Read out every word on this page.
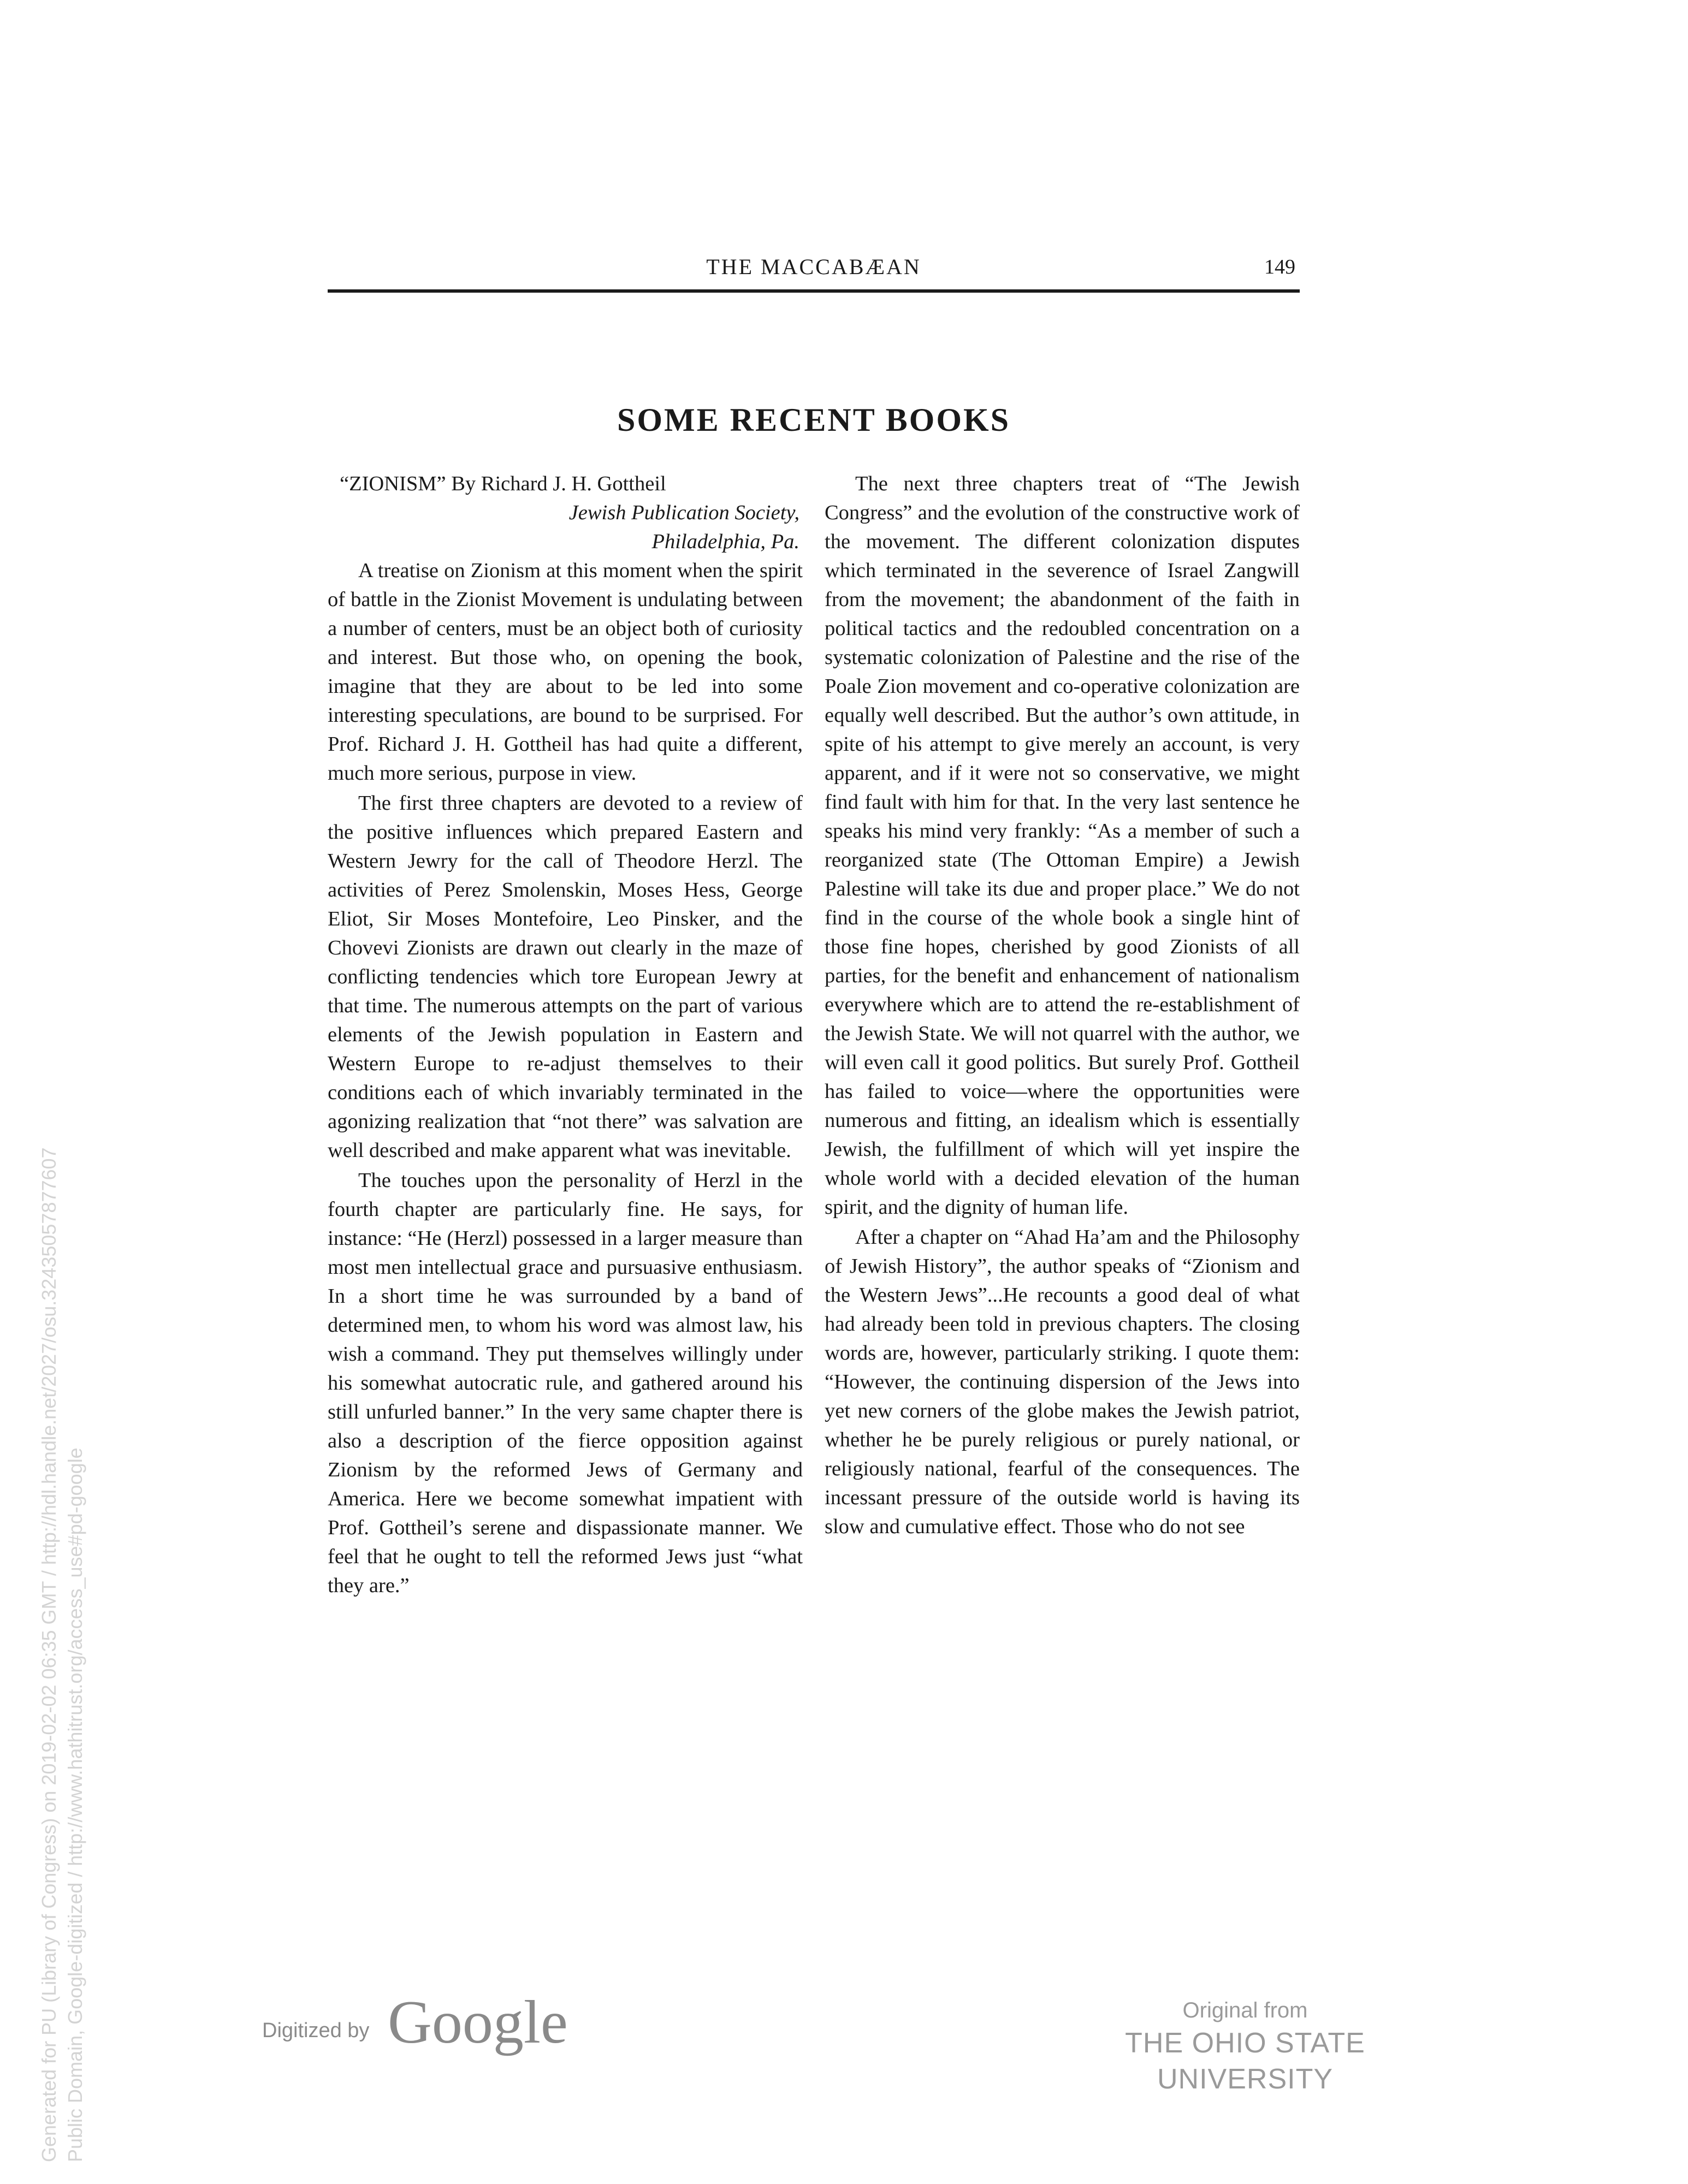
THE MACCABÆAN	149
SOME RECENT BOOKS
“ZIONISM” By Richard J. H. Gottheil
Jewish Publication Society,
Philadelphia, Pa.

A treatise on Zionism at this moment when the spirit of battle in the Zionist Movement is undulating between a number of centers, must be an object both of curiosity and interest. But those who, on opening the book, imagine that they are about to be led into some interesting speculations, are bound to be surprised. For Prof. Richard J. H. Gottheil has had quite a different, much more serious, purpose in view.

The first three chapters are devoted to a review of the positive influences which prepared Eastern and Western Jewry for the call of Theodore Herzl. The activities of Perez Smolenskin, Moses Hess, George Eliot, Sir Moses Montefoire, Leo Pinsker, and the Chovevi Zionists are drawn out clearly in the maze of conflicting tendencies which tore European Jewry at that time. The numerous attempts on the part of various elements of the Jewish population in Eastern and Western Europe to re-adjust themselves to their conditions each of which invariably terminated in the agonizing realization that “not there” was salvation are well described and make apparent what was inevitable.

The touches upon the personality of Herzl in the fourth chapter are particularly fine. He says, for instance: “He (Herzl) possessed in a larger measure than most men intellectual grace and pursuasive enthusiasm. In a short time he was surrounded by a band of determined men, to whom his word was almost law, his wish a command. They put themselves willingly under his somewhat autocratic rule, and gathered around his still unfurled banner.” In the very same chapter there is also a description of the fierce opposition against Zionism by the reformed Jews of Germany and America. Here we become somewhat impatient with Prof. Gottheil’s serene and dispassionate manner. We feel that he ought to tell the reformed Jews just “what they are.”

The next three chapters treat of “The Jewish Congress” and the evolution of the constructive work of the movement. The different colonization disputes which terminated in the severence of Israel Zangwill from the movement; the abandonment of the faith in political tactics and the redoubled concentration on a systematic colonization of Palestine and the rise of the Poale Zion movement and co-operative colonization are equally well described. But the author’s own attitude, in spite of his attempt to give merely an account, is very apparent, and if it were not so conservative, we might find fault with him for that. In the very last sentence he speaks his mind very frankly: “As a member of such a reorganized state (The Ottoman Empire) a Jewish Palestine will take its due and proper place.” We do not find in the course of the whole book a single hint of those fine hopes, cherished by good Zionists of all parties, for the benefit and enhancement of nationalism everywhere which are to attend the re-establishment of the Jewish State. We will not quarrel with the author, we will even call it good politics. But surely Prof. Gottheil has failed to voice—where the opportunities were numerous and fitting, an idealism which is essentially Jewish, the fulfillment of which will yet inspire the whole world with a decided elevation of the human spirit, and the dignity of human life.

After a chapter on “Ahad Ha’am and the Philosophy of Jewish History”, the author speaks of “Zionism and the Western Jews”...He recounts a good deal of what had already been told in previous chapters. The closing words are, however, particularly striking. I quote them: “However, the continuing dispersion of the Jews into yet new corners of the globe makes the Jewish patriot, whether he be purely religious or purely national, or religiously national, fearful of the consequences. The incessant pressure of the outside world is having its slow and cumulative effect. Those who do not see

Generated for PU (Library of Congress) on 2019-02-02 06:35 GMT / http://hdl.handle.net/2027/osu.32435057877607 Public Domain, Google-digitized / http://www.hathitrust.org/access_use#pd-google	Digitized by Google	Original from
THE OHIO STATE UNIVERSITY
